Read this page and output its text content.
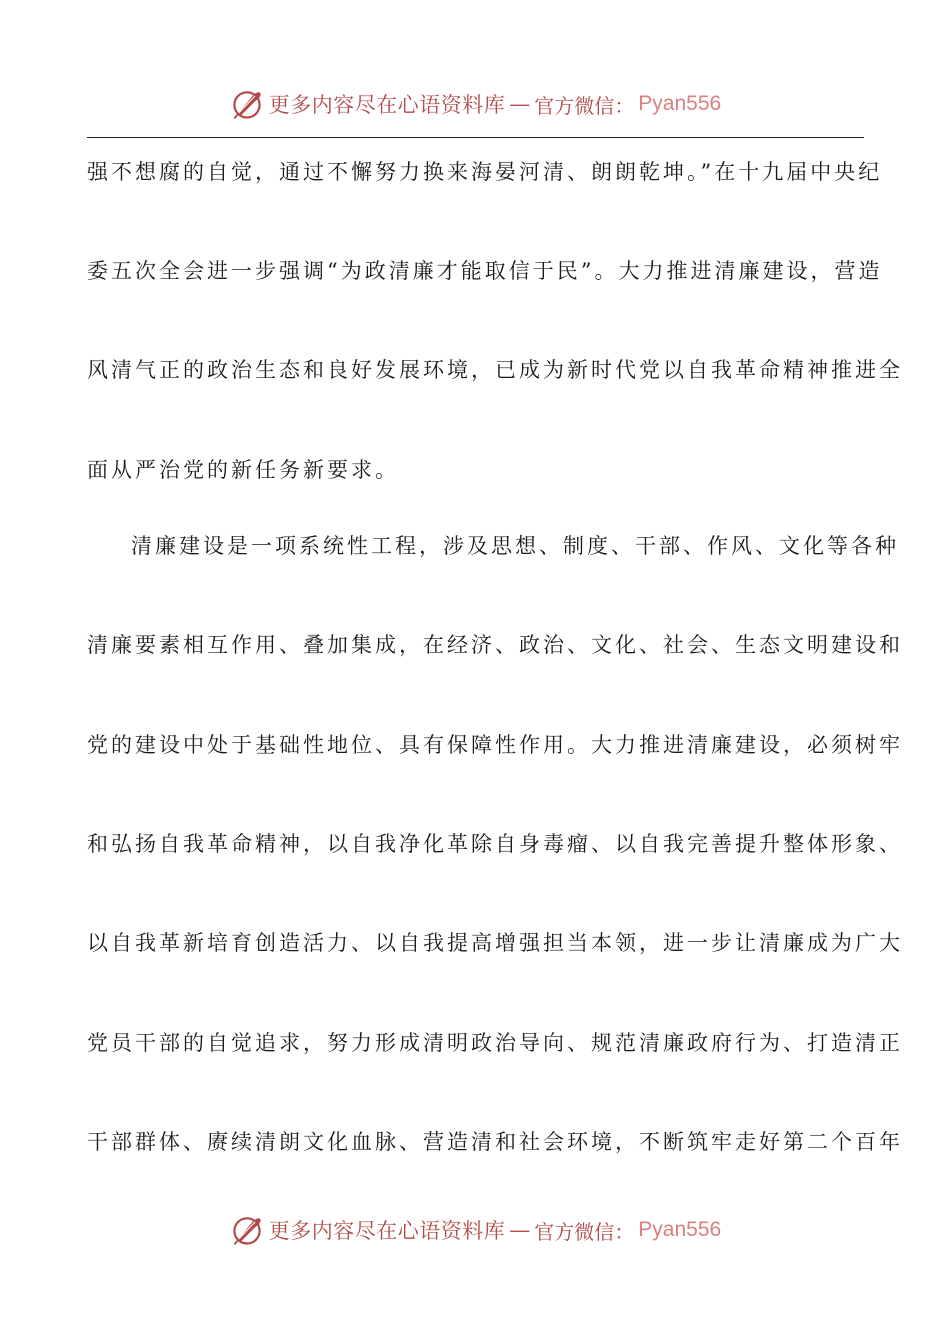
更多内容尽在心语资料库 — 官方微信： Pyan556
强不想腐的自觉，通过不懈努力换来海晏河清、朗朗乾坤。”在十九届中央纪
委五次全会进一步强调“为政清廉才能取信于民”。大力推进清廉建设，营造
风清气正的政治生态和良好发展环境，已成为新时代党以自我革命精神推进全
面从严治党的新任务新要求。
清廉建设是一项系统性工程，涉及思想、制度、干部、作风、文化等各种
清廉要素相互作用、叠加集成，在经济、政治、文化、社会、生态文明建设和
党的建设中处于基础性地位、具有保障性作用。大力推进清廉建设，必须树牢
和弘扬自我革命精神，以自我净化革除自身毒瘤、以自我完善提升整体形象、
以自我革新培育创造活力、以自我提高增强担当本领，进一步让清廉成为广大
党员干部的自觉追求，努力形成清明政治导向、规范清廉政府行为、打造清正
干部群体、赓续清朗文化血脉、营造清和社会环境，不断筑牢走好第二个百年
更多内容尽在心语资料库 — 官方微信： Pyan556
